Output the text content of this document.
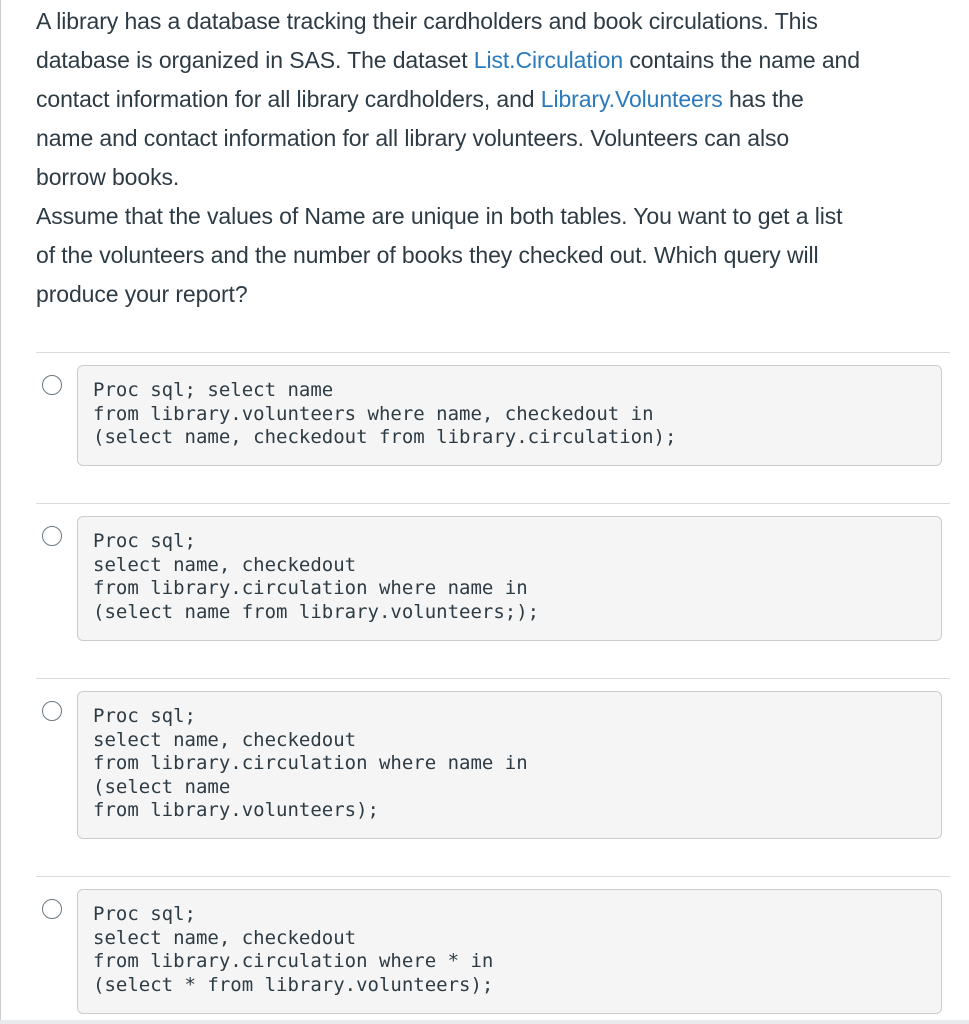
A library has a database tracking their cardholders and book circulations. This
database is organized in SAS. The dataset List.Circulation contains the name and
contact information for all library cardholders, and Library.Volunteers has the
name and contact information for all library volunteers. Volunteers can also
borrow books.

Assume that the values of Name are unique in both tables. You want to get a list
of the volunteers and the number of books they checked out. Which query will
produce your report?

Proc sql; select name
from library.volunteers where name, checkedout in
(select name, checkedout from library.circulation);
Proc sql;
select name, checkedout
from library.circulation where name in
(select name from library.volunteers;);
Proc sql;
select name, checkedout
from library.circulation where name in
(select name
from library.volunteers);
Proc sql;
select name, checkedout
from library.circulation where * in
(select * from library.volunteers);
